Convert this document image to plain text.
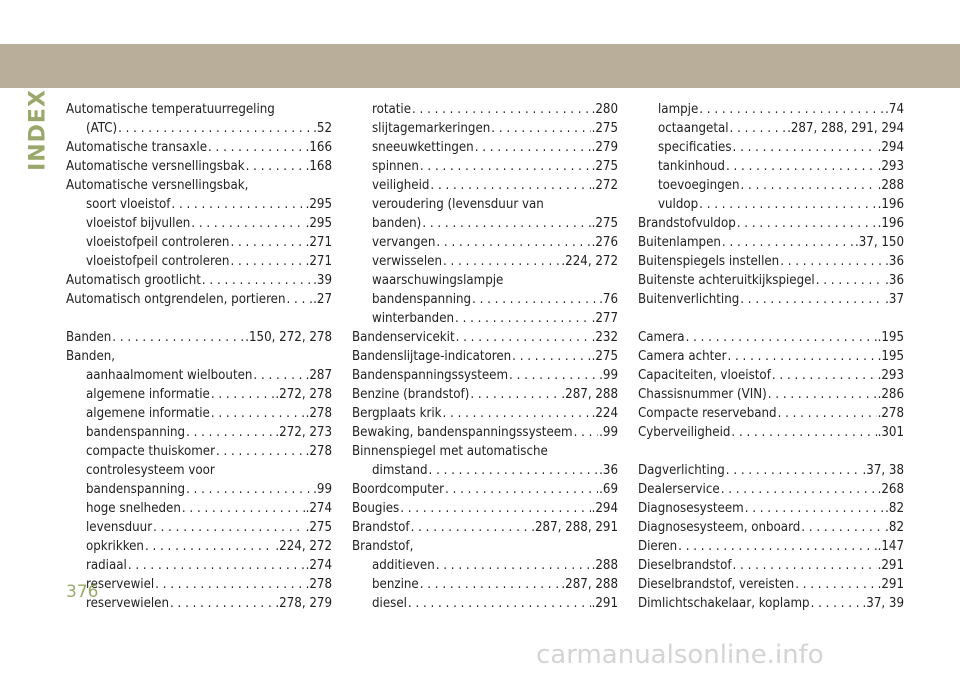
INDEX Automatische temperatuurregeling
(ATC) . . .	.52
Automatische transaxle . . .	.166
Automatische versnellingsbak . . .	.168
Automatische versnellingsbak,
soort vloeistof . . .	.295
vloeistof bijvullen . . .	.295
vloeistofpeil controleren . . .	.271
vloeistofpeil controleren . . .	.271
Automatisch grootlicht . . .	.39
Automatisch ontgrendelen, portieren . . . .27
Banden . . .	.150, 272, 278
Banden,
aanhaalmoment wielbouten . . .	.287
algemene informatie . . .	.272, 278
algemene informatie . . .	.278
bandenspanning . . .	.272, 273
compacte thuiskomer . . .	.278
controlesysteem voor
bandenspanning . . .	.99
hoge snelheden . . .	.274
levensduur . . .	.275
opkrikken . . .	.224, 272
radiaal . . .	.274
reservewiel . . .	.278
reservewielen . . .	.278, 279
rotatie . . .	.280
slijtagemarkeringen . . .	.275
sneeuwkettingen . . .	.279
spinnen . . .	.275
veiligheid . . .	.272
veroudering (levensduur van
banden) . . .	.275
vervangen . . .	.276
verwisselen . . .	.224, 272
waarschuwingslampje
bandenspanning . . .	.76
winterbanden . . .	.277
Bandenservicekit . . .	.232
Bandenslijtage-indicatoren . . .	.275
Bandenspanningssysteem . . .	.99
Benzine (brandstof) . . .	.287, 288
Bergplaats krik . . .	.224
Bewaking, bandenspanningssysteem . . . .99
Binnenspiegel met automatische
dimstand . . .	.36
Boordcomputer . . .	.69
Bougies . . .	.294
Brandstof . . .	.287, 288, 291
Brandstof,
additieven . . .	.288
benzine . . .	.287, 288
diesel . . .	.291
lampje . . .	.74
octaangetal . . .	.287, 288, 291, 294
specificaties . . .	.294
tankinhoud . . .	.293
toevoegingen . . .	.288
vuldop . . .	.196
Brandstofvuldop . . .	.196
Buitenlampen . . .	.37, 150
Buitenspiegels instellen . . .	.36
Buitenste achteruitkijkspiegel . . .	.36
Buitenverlichting . . .	.37
Camera . . .	.195
Camera achter . . .	.195
Capaciteiten, vloeistof . . .	.293
Chassisnummer (VIN) . . .	.286
Compacte reserveband . . .	.278
Cyberveiligheid . . .	.301
Dagverlichting . . .	.37, 38
Dealerservice . . .	.268
Diagnosesysteem . . .	.82
Diagnosesysteem, onboard . . .	.82
Dieren . . .	.147
Dieselbrandstof . . .	.291
Dieselbrandstof, vereisten . . .	.291
Dimlichtschakelaar, koplamp . . .	.37, 39
376
carmanualsonline.info
